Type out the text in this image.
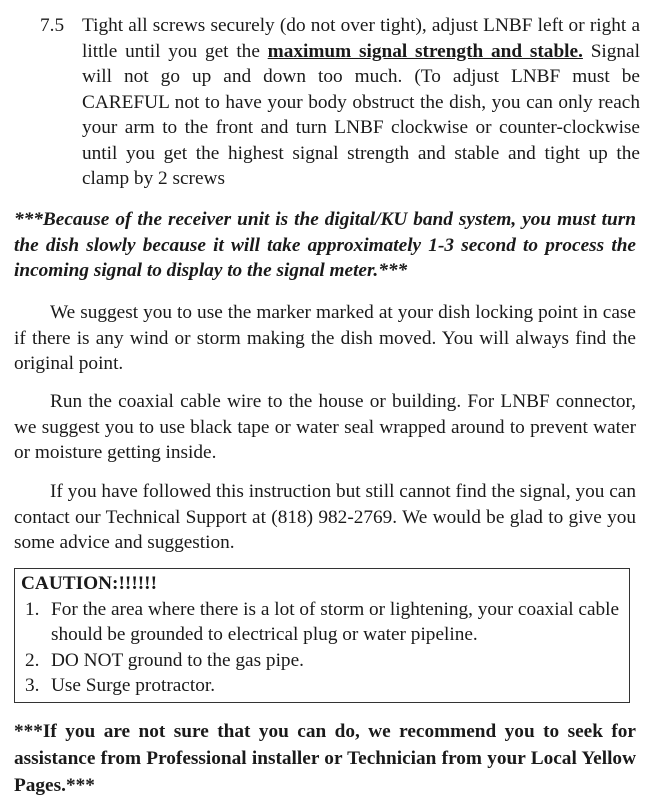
7.5 Tight all screws securely (do not over tight), adjust LNBF left or right a little until you get the maximum signal strength and stable. Signal will not go up and down too much. (To adjust LNBF must be CAREFUL not to have your body obstruct the dish, you can only reach your arm to the front and turn LNBF clockwise or counter-clockwise until you get the highest signal strength and stable and tight up the clamp by 2 screws
***Because of the receiver unit is the digital/KU band system, you must turn the dish slowly because it will take approximately 1-3 second to process the incoming signal to display to the signal meter.***
We suggest you to use the marker marked at your dish locking point in case if there is any wind or storm making the dish moved. You will always find the original point.
Run the coaxial cable wire to the house or building. For LNBF connector, we suggest you to use black tape or water seal wrapped around to prevent water or moisture getting inside.
If you have followed this instruction but still cannot find the signal, you can contact our Technical Support at (818) 982-2769. We would be glad to give you some advice and suggestion.
CAUTION:!!!!!!
1. For the area where there is a lot of storm or lightening, your coaxial cable should be grounded to electrical plug or water pipeline.
2. DO NOT ground to the gas pipe.
3. Use Surge protractor.
***If you are not sure that you can do, we recommend you to seek for assistance from Professional installer or Technician from your Local Yellow Pages.***
